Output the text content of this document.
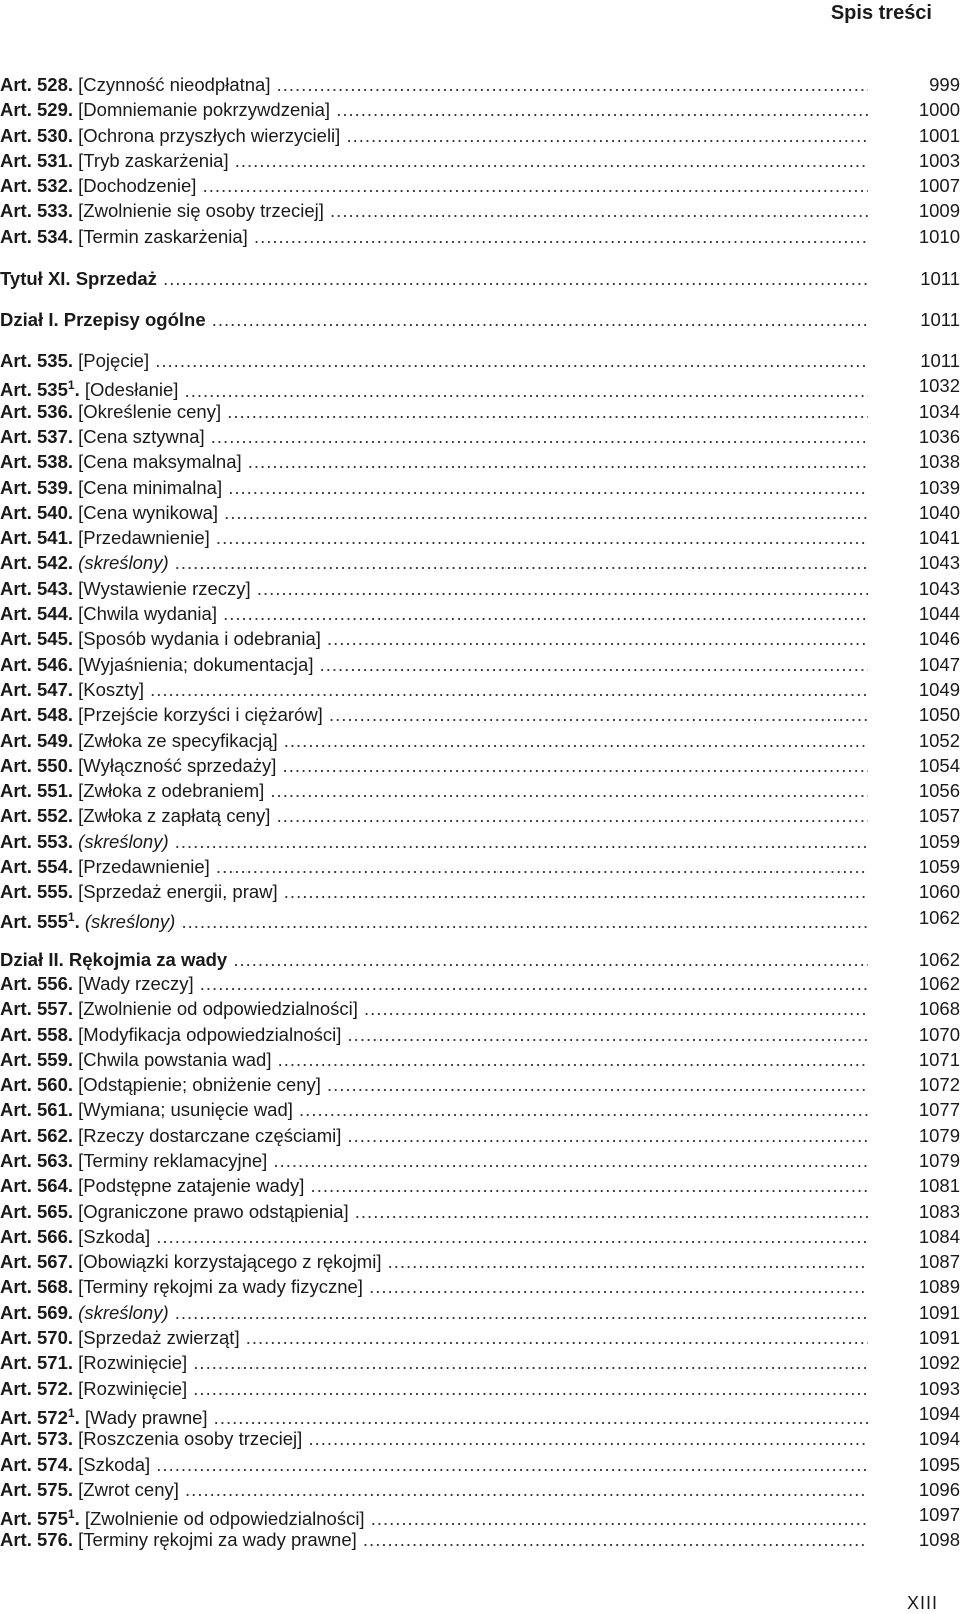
Spis treści
Art. 528. [Czynność nieodpłatna] .....	999
Art. 529. [Domniemanie pokrzywdzenia] .....	1000
Art. 530. [Ochrona przyszłych wierzycieli] .....	1001
Art. 531. [Tryb zaskarżenia] .....	1003
Art. 532. [Dochodzenie] .....	1007
Art. 533. [Zwolnienie się osoby trzeciej] .....	1009
Art. 534. [Termin zaskarżenia] .....	1010
Tytuł XI. Sprzedaż .....	1011
Dział I. Przepisy ogólne .....	1011
Art. 535. [Pojęcie] .....	1011
Art. $535^1$. [Odesłanie] .....	1032
Art. 536. [Określenie ceny] .....	1034
Art. 537. [Cena sztywna] .....	1036
Art. 538. [Cena maksymalna] .....	1038
Art. 539. [Cena minimalna] .....	1039
Art. 540. [Cena wynikowa] .....	1040
Art. 541. [Przedawnienie] .....	1041
Art. 542. (skreślony) .....	1043
Art. 543. [Wystawienie rzeczy] .....	1043
Art. 544. [Chwila wydania] .....	1044
Art. 545. [Sposób wydania i odebrania] .....	1046
Art. 546. [Wyjaśnienia; dokumentacja] .....	1047
Art. 547. [Koszty] .....	1049
Art. 548. [Przejście korzyści i ciężarów] .....	1050
Art. 549. [Zwłoka ze specyfikacją] .....	1052
Art. 550. [Wyłączność sprzedaży] .....	1054
Art. 551. [Zwłoka z odebraniem] .....	1056
Art. 552. [Zwłoka z zapłatą ceny] .....	1057
Art. 553. (skreślony) .....	1059
Art. 554. [Przedawnienie] .....	1059
Art. 555. [Sprzedaż energii, praw] .....	1060
Art. $555^1$. (skreślony) .....	1062
Dział II. Rękojmia za wady .....	1062
Art. 556. [Wady rzeczy] .....	1062
Art. 557. [Zwolnienie od odpowiedzialności] .....	1068
Art. 558. [Modyfikacja odpowiedzialności] .....	1070
Art. 559. [Chwila powstania wad] .....	1071
Art. 560. [Odstąpienie; obniżenie ceny] .....	1072
Art. 561. [Wymiana; usunięcie wad] .....	1077
Art. 562. [Rzeczy dostarczane częściami] .....	1079
Art. 563. [Terminy reklamacyjne] .....	1079
Art. 564. [Podstępne zatajenie wady] .....	1081
Art. 565. [Ograniczone prawo odstąpienia] .....	1083
Art. 566. [Szkoda] .....	1084
Art. 567. [Obowiązki korzystającego z rękojmi] .....	1087
Art. 568. [Terminy rękojmi za wady fizyczne] .....	1089
Art. 569. (skreślony) .....	1091
Art. 570. [Sprzedaż zwierząt] .....	1091
Art. 571. [Rozwinięcie] .....	1092
Art. 572. [Rozwinięcie] .....	1093
Art. $572^1$. [Wady prawne] .....	1094
Art. 573. [Roszczenia osoby trzeciej] .....	1094
Art. 574. [Szkoda] .....	1095
Art. 575. [Zwrot ceny] .....	1096
Art. $575^1$. [Zwolnienie od odpowiedzialności] .....	1097
Art. 576. [Terminy rękojmi za wady prawne] .....	1098
XIII
